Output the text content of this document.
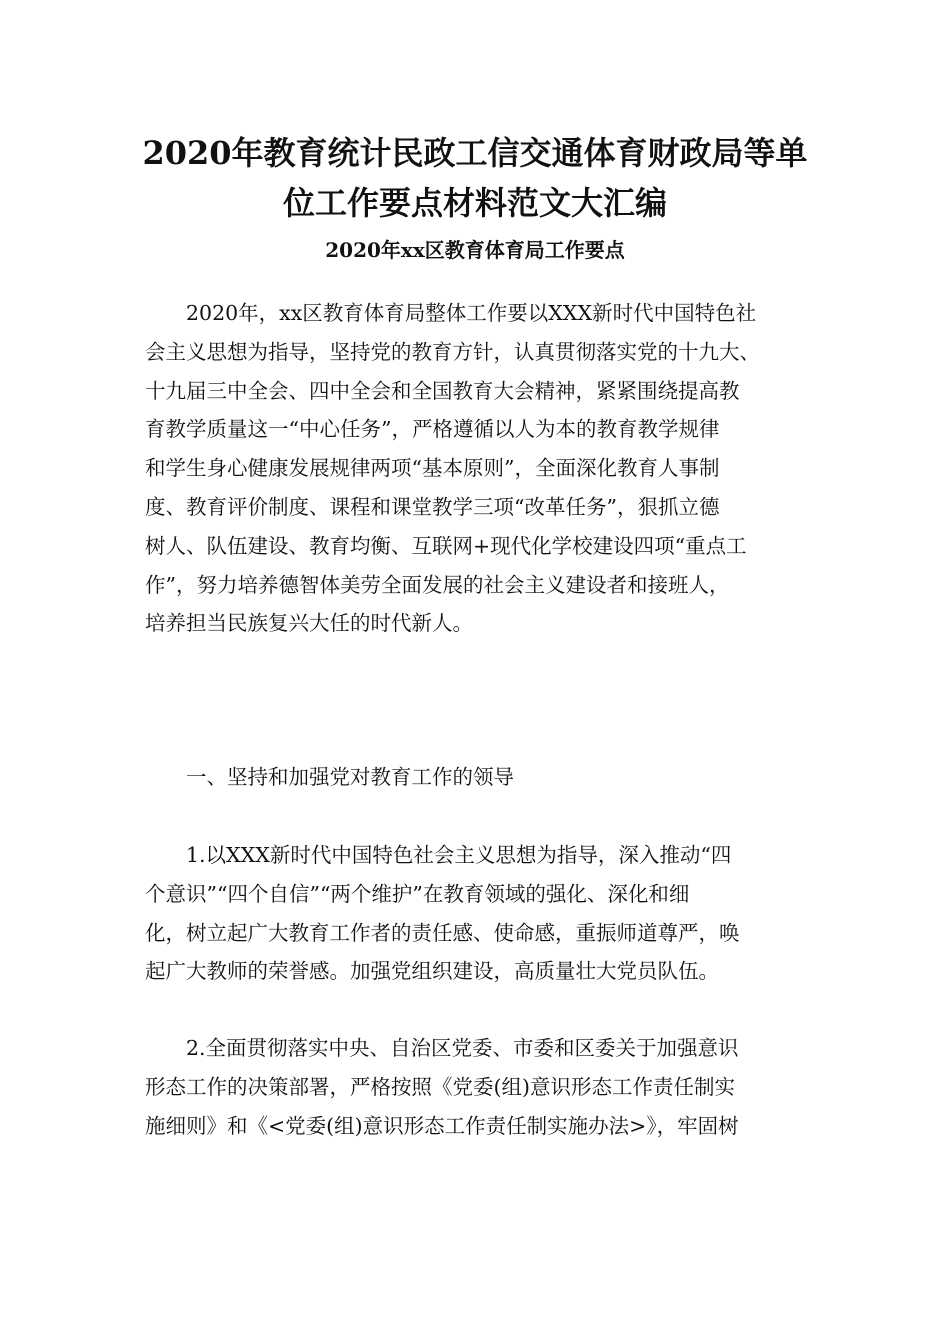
2020年教育统计民政工信交通体育财政局等单
位工作要点材料范文大汇编
2020年xx区教育体育局工作要点
2020年，xx区教育体育局整体工作要以XXX新时代中国特色社
会主义思想为指导，坚持党的教育方针，认真贯彻落实党的十九大、
十九届三中全会、四中全会和全国教育大会精神，紧紧围绕提高教
育教学质量这一“中心任务”，严格遵循以人为本的教育教学规律
和学生身心健康发展规律两项“基本原则”，全面深化教育人事制
度、教育评价制度、课程和课堂教学三项“改革任务”，狠抓立德
树人、队伍建设、教育均衡、互联网+现代化学校建设四项“重点工
作”，努力培养德智体美劳全面发展的社会主义建设者和接班人，
培养担当民族复兴大任的时代新人。
一、坚持和加强党对教育工作的领导
1.以XXX新时代中国特色社会主义思想为指导，深入推动“四
个意识”“四个自信”“两个维护”在教育领域的强化、深化和细
化，树立起广大教育工作者的责任感、使命感，重振师道尊严，唤
起广大教师的荣誉感。加强党组织建设，高质量壮大党员队伍。
2.全面贯彻落实中央、自治区党委、市委和区委关于加强意识
形态工作的决策部署，严格按照《党委(组)意识形态工作责任制实
施细则》和《<党委(组)意识形态工作责任制实施办法>》，牢固树
